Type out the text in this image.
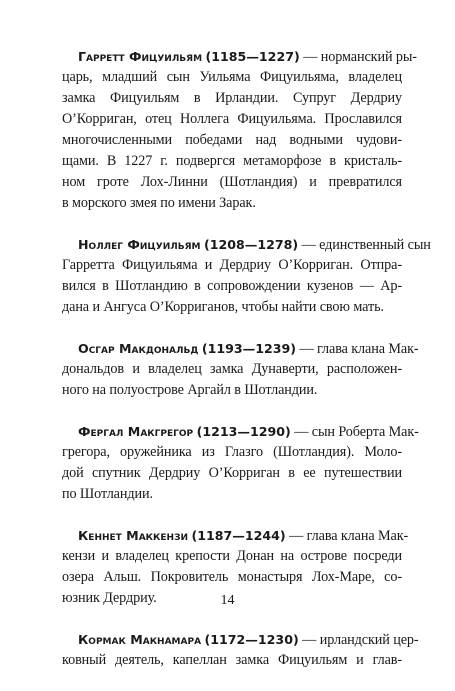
Гарретт Фицуильям (1185—1227) — норманский ры-
царь, младший сын Уильяма Фицуильяма, владелец
замка Фицуильям в Ирландии. Супруг Дердриу
О’Корриган, отец Ноллега Фицуильяма. Прославился
многочисленными победами над водными чудови-
щами. В 1227 г. подвергся метаморфозе в кристаль-
ном гроте Лох-Линни (Шотландия) и превратился
в морского змея по имени Зарак.
Ноллег Фицуильям (1208—1278) — единственный сын
Гарретта Фицуильяма и Дердриу О’Корриган. Отпра-
вился в Шотландию в сопровождении кузенов — Ар-
дана и Ангуса О’Корриганов, чтобы найти свою мать.
Осгар Макдональд (1193—1239) — глава клана Мак-
дональдов и владелец замка Дунаверти, расположен-
ного на полуострове Аргайл в Шотландии.
Фергал Макгрегор (1213—1290) — сын Роберта Мак-
грегора, оружейника из Глазго (Шотландия). Моло-
дой спутник Дердриу О’Корриган в ее путешествии
по Шотландии.
Кеннет Маккензи (1187—1244) — глава клана Мак-
кензи и владелец крепости Донан на острове посреди
озера Альш. Покровитель монастыря Лох-Маре, со-
юзник Дердриу.
Кормак Макнамара (1172—1230) — ирландский цер-
ковный деятель, капеллан замка Фицуильям и глав-
14
